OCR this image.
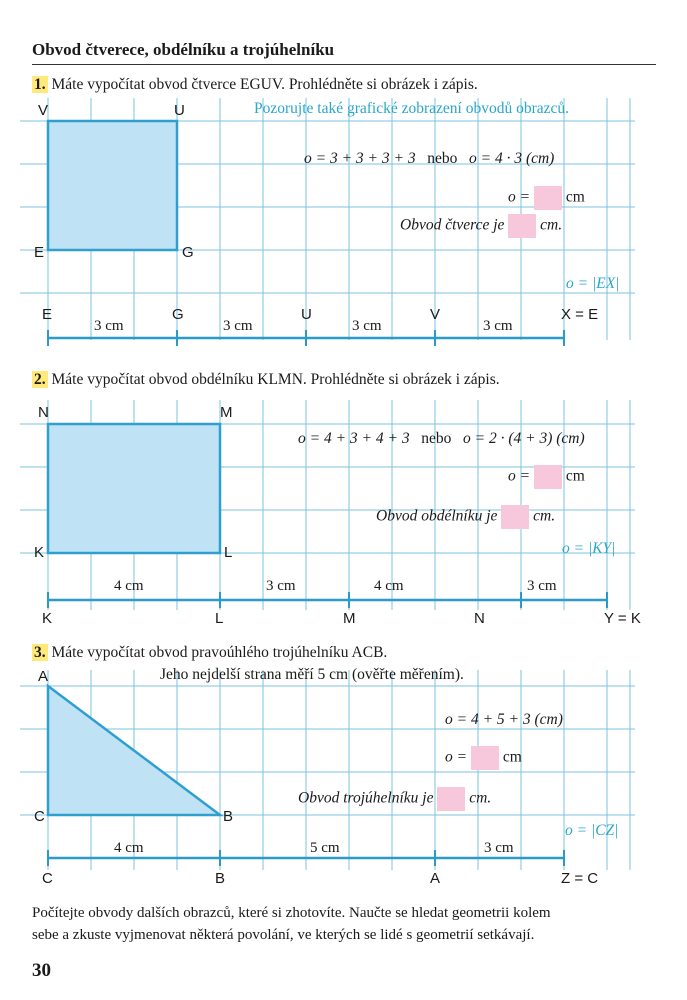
Obvod čtverece, obdélníku a trojúhelníku
1. Máte vypočítat obvod čtverce EGUV. Prohlédněte si obrázek i zápis.
Pozorujte také grafické zobrazení obvodů obrazců.
V	U
E	G
o = 3 + 3 + 3 + 3 nebo o = 4 · 3 (cm)
o = cm
Obvod čtverce je cm.
o = |EX|
E	G	U	V	X = E
3 cm	3 cm	3 cm	3 cm
2. Máte vypočítat obvod obdélníku KLMN. Prohlédněte si obrázek i zápis.
N	M
K	L
o = 4 + 3 + 4 + 3 nebo o = 2 · (4 + 3) (cm)
o = cm
Obvod obdélníku je cm.
o = |KY|
4 cm	3 cm	4 cm	3 cm
K	L	M	N	Y = K
3. Máte vypočítat obvod pravoúhlého trojúhelníku ACB.
Jeho nejdelší strana měří 5 cm (ověřte měřením).
A
C	B
o = 4 + 5 + 3 (cm)
o = cm
Obvod trojúhelníku je cm.
o = |CZ|
4 cm	5 cm	3 cm
C	B	A	Z = C
Počítejte obvody dalších obrazců, které si zhotovíte. Naučte se hledat geometrii kolem
sebe a zkuste vyjmenovat některá povolání, ve kterých se lidé s geometrií setkávají.
30
